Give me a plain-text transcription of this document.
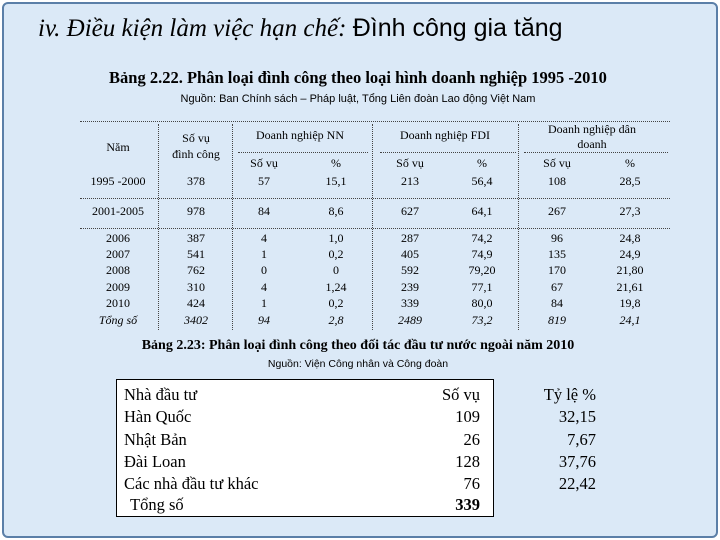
iv. Điều kiện làm việc hạn chế: Đình công gia tăng
Bảng 2.22. Phân loại đình công theo loại hình doanh nghiệp 1995 -2010
Nguồn: Ban Chính sách – Pháp luật, Tổng Liên đoàn Lao động Việt Nam
Năm
Số vụ
đình công
Doanh nghiệp NN	Doanh nghiệp FDI	Doanh nghiệp dân
doanh
Số vụ	%	Số vụ	%	Số vụ	%
1995 -2000	378	57	15,1	213	56,4	108	28,5
2001-2005	978	84	8,6	627	64,1	267	27,3
2006	387	4	1,0	287	74,2	96	24,8
2007	541	1	0,2	405	74,9	135	24,9
2008	762	0	0	592	79,20	170	21,80
2009	310	4	1,24	239	77,1	67	21,61
2010	424	1	0,2	339	80,0	84	19,8
Tổng số	3402	94	2,8	2489	73,2	819	24,1
Bảng 2.23: Phân loại đình công theo đối tác đầu tư nước ngoài năm 2010
Nguồn: Viện Công nhân và Công đoàn
Nhà đầu tư	Số vụ	Tỷ lệ %
Hàn Quốc	109	32,15
Nhật Bản	26	7,67
Đài Loan	128	37,76
Các nhà đầu tư khác	76	22,42
Tổng số	339
